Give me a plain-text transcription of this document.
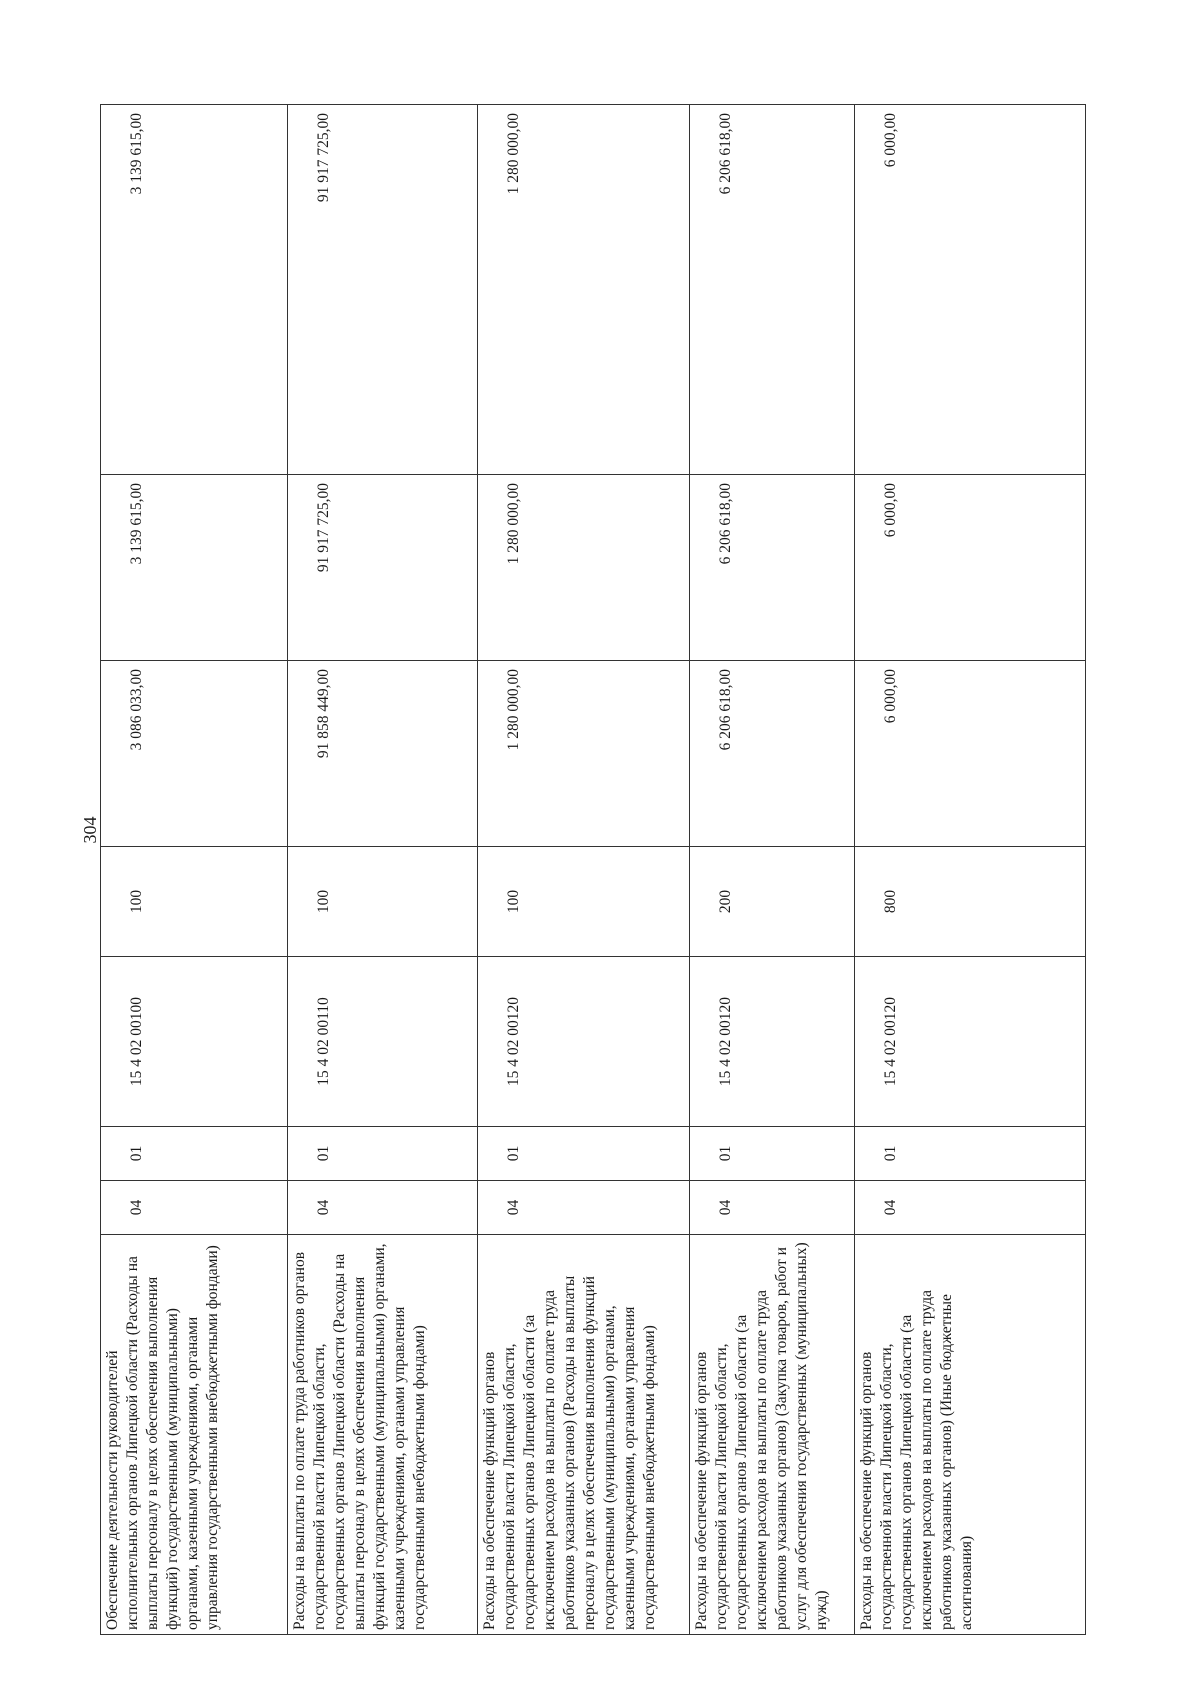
304
Обеспечение деятельности руководителей исполнительных органов Липецкой области (Расходы на выплаты персоналу в целях обеспечения выполнения функций) государственными (муниципальными) органами, казенными учреждениями, органами управления государственными внебюджетными фондами)	04	01	15 4 02 00100	100	3 086 033,00	3 139 615,00	3 139 615,00
Расходы на выплаты по оплате труда работников органов государственной власти Липецкой области, государственных органов Липецкой области (Расходы на выплаты персоналу в целях обеспечения выполнения функций государственными (муниципальными) органами, казенными учреждениями, органами управления государственными внебюджетными фондами)	04	01	15 4 02 00110	100	91 858 449,00	91 917 725,00	91 917 725,00
Расходы на обеспечение функций органов государственной власти Липецкой области, государственных органов Липецкой области (за исключением расходов на выплаты по оплате труда работников указанных органов) (Расходы на выплаты персоналу в целях обеспечения выполнения функций государственными (муниципальными) органами, казенными учреждениями, органами управления государственными внебюджетными фондами)	04	01	15 4 02 00120	100	1 280 000,00	1 280 000,00	1 280 000,00
Расходы на обеспечение функций органов государственной власти Липецкой области, государственных органов Липецкой области (за исключением расходов на выплаты по оплате труда работников указанных органов) (Закупка товаров, работ и услуг для обеспечения государственных (муниципальных) нужд)	04	01	15 4 02 00120	200	6 206 618,00	6 206 618,00	6 206 618,00
Расходы на обеспечение функций органов государственной власти Липецкой области, государственных органов Липецкой области (за исключением расходов на выплаты по оплате труда работников указанных органов) (Иные бюджетные ассигнования)	04	01	15 4 02 00120	800	6 000,00	6 000,00	6 000,00
